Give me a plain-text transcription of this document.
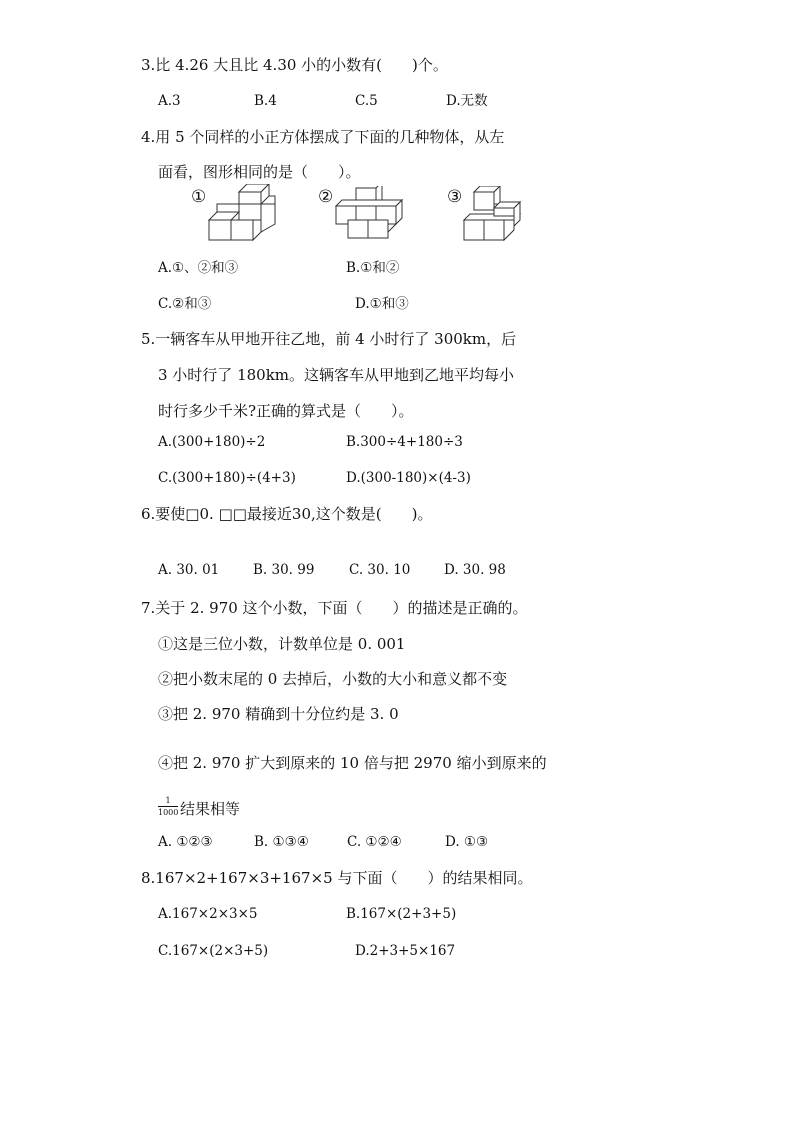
3.比 4.26 大且比 4.30 小的小数有(　　)个。
A.3	B.4	C.5	D.无数
4.用 5 个同样的小正方体摆成了下面的几种物体，从左
面看，图形相同的是（　　）。
①	②	③
A.①、②和③	B.①和②
C.②和③	D.①和③
5.一辆客车从甲地开往乙地，前 4 小时行了 300km，后
3 小时行了 180km。这辆客车从甲地到乙地平均每小
时行多少千米?正确的算式是（　　）。
A.(300+180)÷2	B.300÷4+180÷3
C.(300+180)÷(4+3)	D.(300-180)×(4-3)
6.要使□0. □□最接近30,这个数是(　　)。
A. 30. 01 B. 30. 99	C. 30. 10 D. 30. 98
7.关于 2. 970 这个小数，下面（　　）的描述是正确的。
①这是三位小数，计数单位是 0. 001
②把小数末尾的 0 去掉后，小数的大小和意义都不变
③把 2. 970 精确到十分位约是 3. 0
④把 2. 970 扩大到原来的 10 倍与把 2970 缩小到原来的
1
1000 结果相等
A. ①②③	B. ①③④	C. ①②④	D. ①③
8.167×2+167×3+167×5 与下面（　　）的结果相同。
A.167×2×3×5	B.167×(2+3+5)
C.167×(2×3+5)	D.2+3+5×167
